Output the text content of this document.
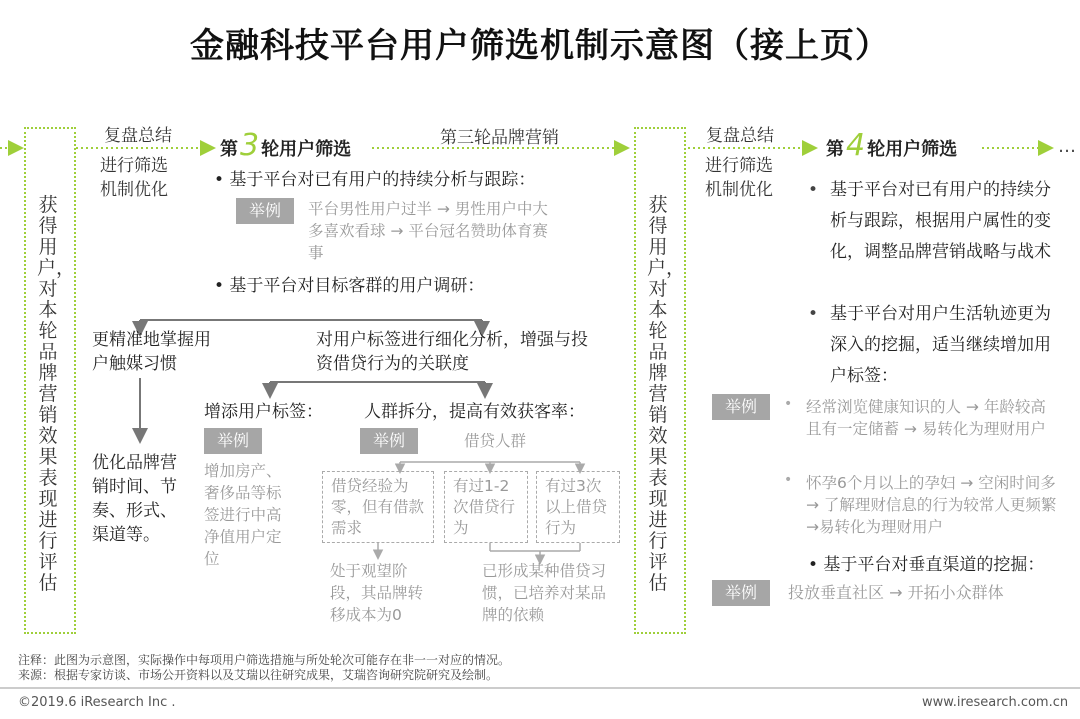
金融科技平台用户筛选机制示意图（接上页）
…
获得用户，对本轮品牌营销效果表现进行评估
获得用户，对本轮品牌营销效果表现进行评估
复盘总结
进行筛选机制优化
复盘总结
进行筛选机制优化
第三轮品牌营销
第3 轮用户筛选	第4 轮用户筛选
• 基于平台对已有用户的持续分析与跟踪：
举例	平台男性用户过半 → 男性用户中大多喜欢看球 → 平台冠名赞助体育赛事
• 基于平台对目标客群的用户调研：
更精准地掌握用户触媒习惯
优化品牌营销时间、节奏、形式、渠道等。
对用户标签进行细化分析，增强与投资借贷行为的关联度
增添用户标签：
举例
增加房产、奢侈品等标签进行中高净值用户定位
人群拆分，提高有效获客率：
举例	借贷人群
借贷经验为零，但有借款需求
有过1-2次借贷行为
有过3次以上借贷行为
处于观望阶段，其品牌转移成本为0
已形成某种借贷习惯，已培养对某品牌的依赖
• 基于平台对已有用户的持续分析与跟踪，根据用户属性的变化，调整品牌营销战略与战术
• 基于平台对用户生活轨迹更为深入的挖掘，适当继续增加用户标签：
举例	• 经常浏览健康知识的人 → 年龄较高且有一定储蓄 → 易转化为理财用户
• 怀孕6个月以上的孕妇 → 空闲时间多 → 了解理财信息的行为较常人更频繁 →易转化为理财用户
• 基于平台对垂直渠道的挖掘：
举例	投放垂直社区 → 开拓小众群体
注释：此图为示意图，实际操作中每项用户筛选措施与所处轮次可能存在非一一对应的情况。
来源：根据专家访谈、市场公开资料以及艾瑞以往研究成果，艾瑞咨询研究院研究及绘制。
©2019.6 iResearch Inc .	www.iresearch.com.cn
